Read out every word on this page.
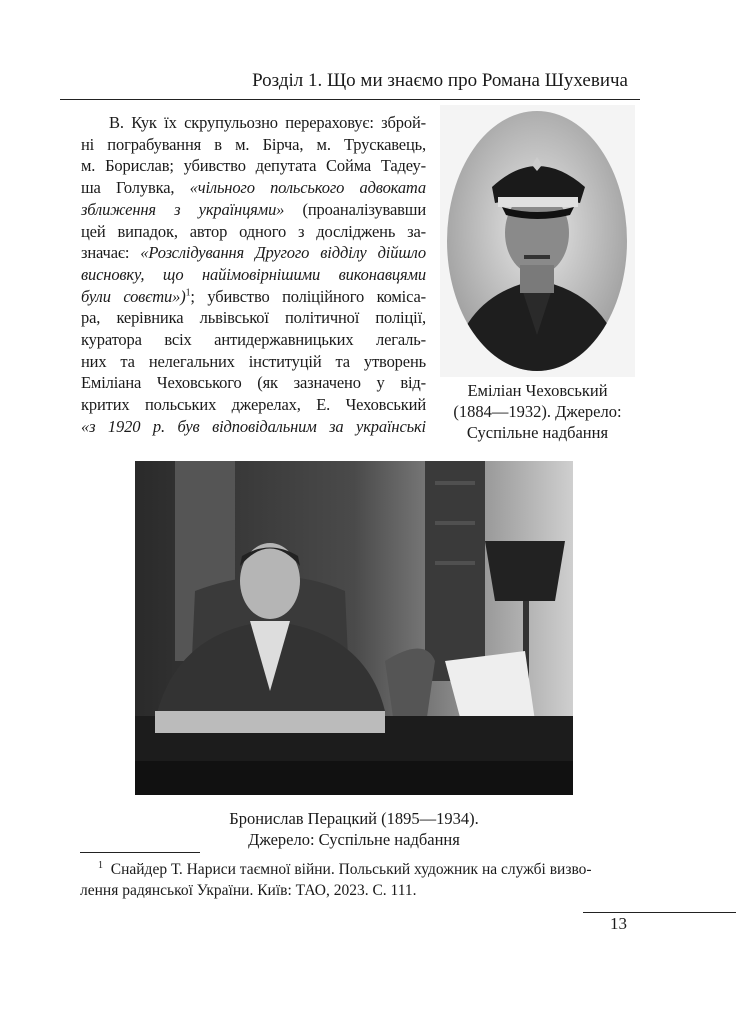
Розділ 1. Що ми знаємо про Романа Шухевича
В. Кук їх скрупульозно перераховує: зброй-
ні пограбування в м. Бірча, м. Трускавець,
м. Борислав; убивство депутата Сойма Тадеу-
ша Голувка, «чільного польського адвоката
зближення з українцями» (проаналізувавши
цей випадок, автор одного з досліджень за-
значає: «Розслідування Другого відділу дійшло
висновку, що найімовірнішими виконавцями
були совєти»)$^1$; убивство поліційного коміса-
ра, керівника львівської політичної поліції,
куратора всіх антидержавницьких легаль-
них та нелегальних інституцій та утворень
Еміліана Чеховського (як зазначено у від-
критих польських джерелах, Е. Чеховський
«з 1920 р. був відповідальним за українські
Еміліан Чеховський
(1884—1932). Джерело:
Суспільне надбання
Бронислав Перацкий (1895—1934).
Джерело: Суспільне надбання
$^1$ Снайдер Т. Нариси таємної війни. Польський художник на службі визво-
лення радянської України. Київ: ТАО, 2023. С. 111.
13
